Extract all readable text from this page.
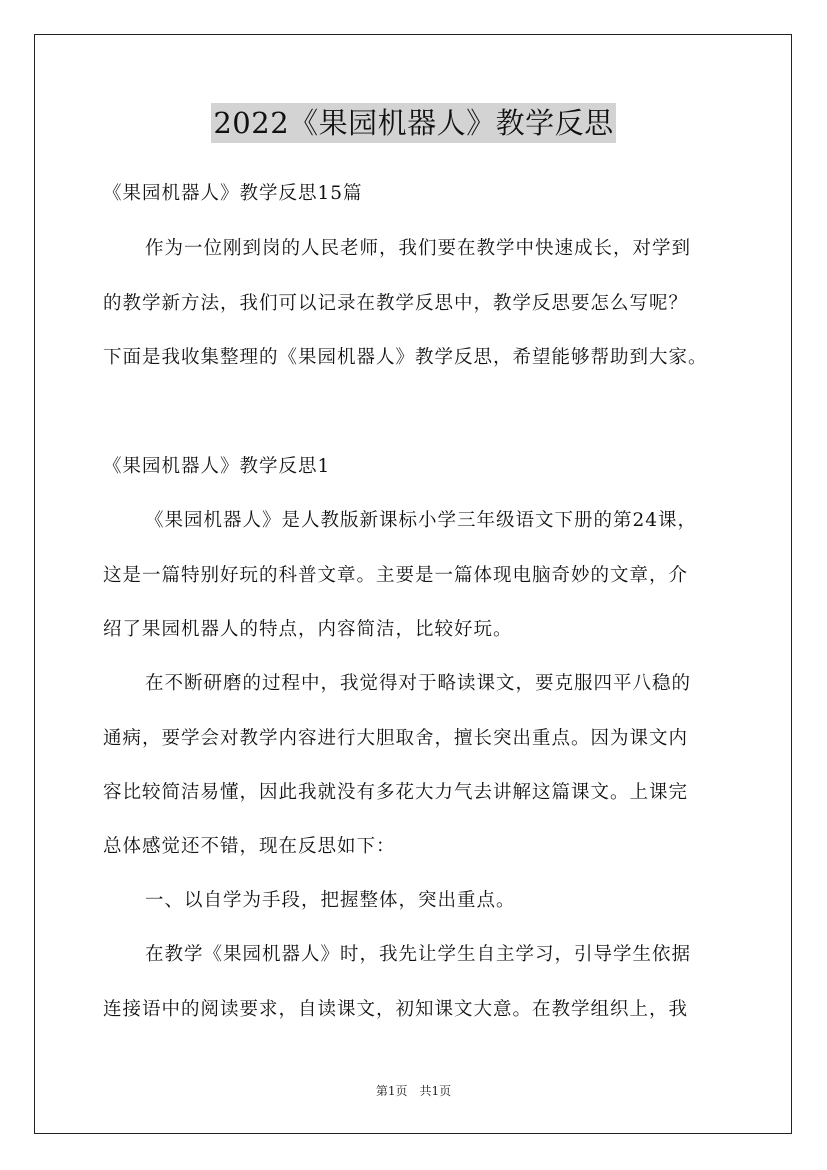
2022《果园机器人》教学反思
《果园机器人》教学反思15篇
作为一位刚到岗的人民老师，我们要在教学中快速成长，对学到
的教学新方法，我们可以记录在教学反思中，教学反思要怎么写呢？
下面是我收集整理的《果园机器人》教学反思，希望能够帮助到大家。
《果园机器人》教学反思1
《果园机器人》是人教版新课标小学三年级语文下册的第24课，
这是一篇特别好玩的科普文章。主要是一篇体现电脑奇妙的文章，介
绍了果园机器人的特点，内容简洁，比较好玩。
在不断研磨的过程中，我觉得对于略读课文，要克服四平八稳的
通病，要学会对教学内容进行大胆取舍，擅长突出重点。因为课文内
容比较简洁易懂，因此我就没有多花大力气去讲解这篇课文。上课完
总体感觉还不错，现在反思如下：
一、以自学为手段，把握整体，突出重点。
在教学《果园机器人》时，我先让学生自主学习，引导学生依据
连接语中的阅读要求，自读课文，初知课文大意。在教学组织上，我
第1页　共1页
